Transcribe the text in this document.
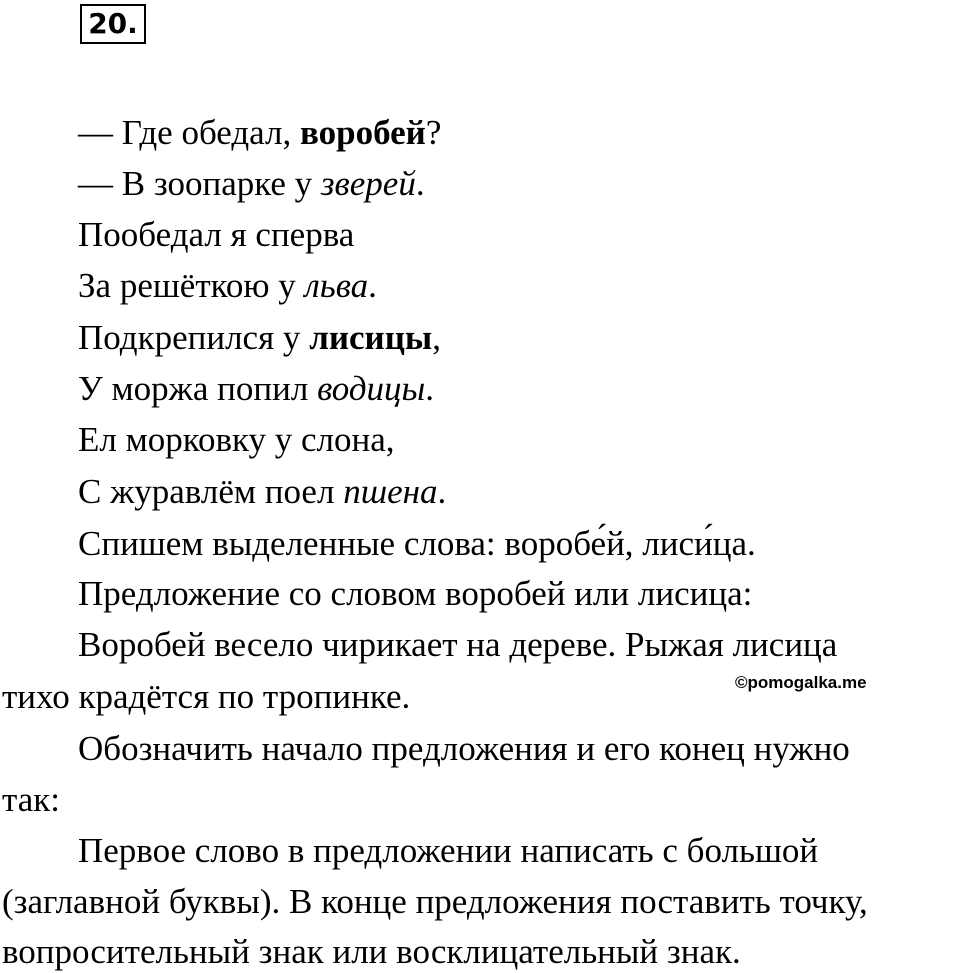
20.
— Где обедал, воробей?
— В зоопарке у зверей.
Пообедал я сперва
За решёткою у льва.
Подкрепился у лисицы,
У моржа попил водицы.
Ел морковку у слона,
С журавлём поел пшена.
Спишем выделенные слова: воробе́й, лиси́ца.
Предложение со словом воробей или лисица:
Воробей весело чирикает на дереве. Рыжая лисица
тихо крадётся по тропинке.	©pomogalka.me
Обозначить начало предложения и его конец нужно
так:
Первое слово в предложении написать с большой
(заглавной буквы). В конце предложения поставить точку,
вопросительный знак или восклицательный знак.
